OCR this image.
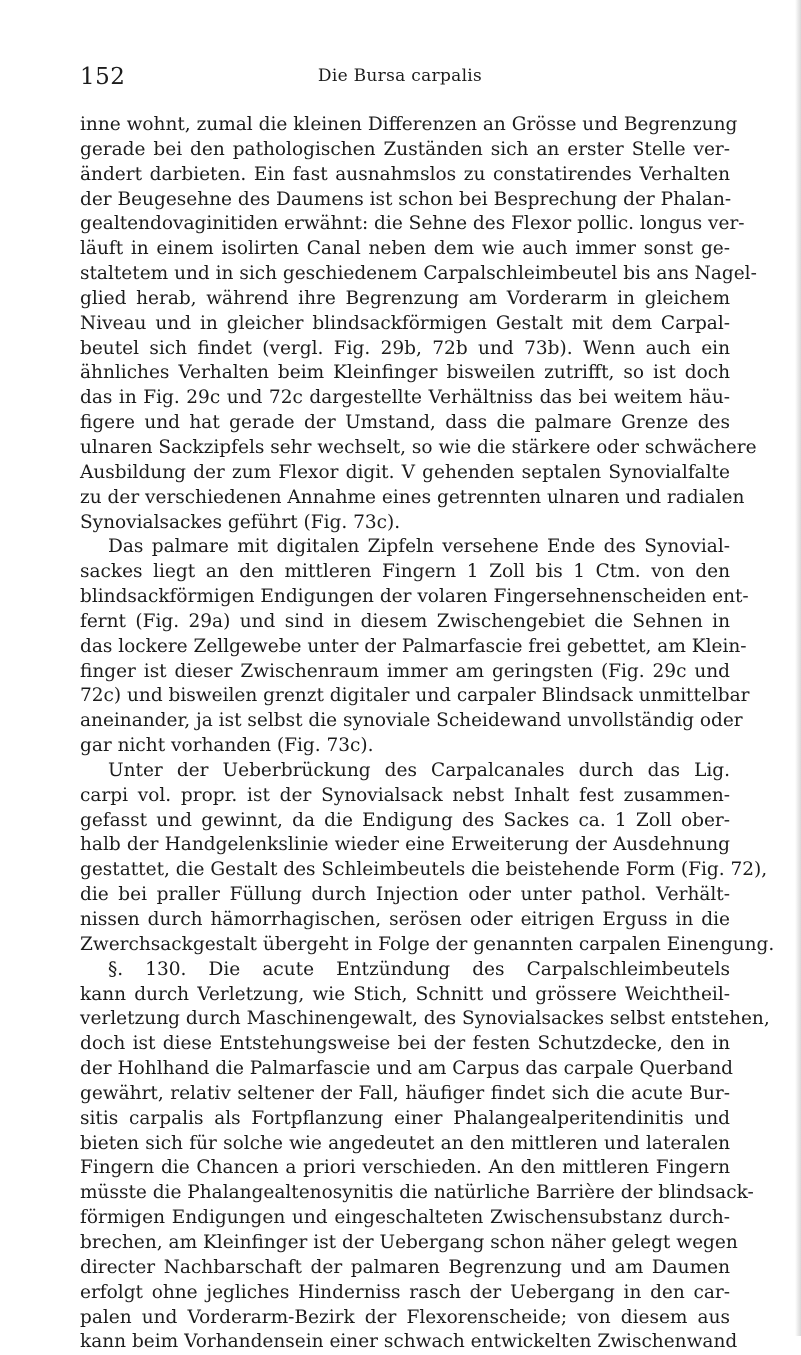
152	Die Bursa carpalis
inne wohnt, zumal die kleinen Differenzen an Grösse und Begrenzung
gerade bei den pathologischen Zuständen sich an erster Stelle ver-
ändert darbieten. Ein fast ausnahmslos zu constatirendes Verhalten
der Beugesehne des Daumens ist schon bei Besprechung der Phalan-
gealtendovaginitiden erwähnt: die Sehne des Flexor pollic. longus ver-
läuft in einem isolirten Canal neben dem wie auch immer sonst ge-
staltetem und in sich geschiedenem Carpalschleimbeutel bis ans Nagel-
glied herab, während ihre Begrenzung am Vorderarm in gleichem
Niveau und in gleicher blindsackförmigen Gestalt mit dem Carpal-
beutel sich findet (vergl. Fig. 29b, 72b und 73b). Wenn auch ein
ähnliches Verhalten beim Kleinfinger bisweilen zutrifft, so ist doch
das in Fig. 29c und 72c dargestellte Verhältniss das bei weitem häu-
figere und hat gerade der Umstand, dass die palmare Grenze des
ulnaren Sackzipfels sehr wechselt, so wie die stärkere oder schwächere
Ausbildung der zum Flexor digit. V gehenden septalen Synovialfalte
zu der verschiedenen Annahme eines getrennten ulnaren und radialen
Synovialsackes geführt (Fig. 73c).
Das palmare mit digitalen Zipfeln versehene Ende des Synovial-
sackes liegt an den mittleren Fingern 1 Zoll bis 1 Ctm. von den
blindsackförmigen Endigungen der volaren Fingersehnenscheiden ent-
fernt (Fig. 29a) und sind in diesem Zwischengebiet die Sehnen in
das lockere Zellgewebe unter der Palmarfascie frei gebettet, am Klein-
finger ist dieser Zwischenraum immer am geringsten (Fig. 29c und
72c) und bisweilen grenzt digitaler und carpaler Blindsack unmittelbar
aneinander, ja ist selbst die synoviale Scheidewand unvollständig oder
gar nicht vorhanden (Fig. 73c).
Unter der Ueberbrückung des Carpalcanales durch das Lig.
carpi vol. propr. ist der Synovialsack nebst Inhalt fest zusammen-
gefasst und gewinnt, da die Endigung des Sackes ca. 1 Zoll ober-
halb der Handgelenkslinie wieder eine Erweiterung der Ausdehnung
gestattet, die Gestalt des Schleimbeutels die beistehende Form (Fig. 72),
die bei praller Füllung durch Injection oder unter pathol. Verhält-
nissen durch hämorrhagischen, serösen oder eitrigen Erguss in die
Zwerchsackgestalt übergeht in Folge der genannten carpalen Einengung.
§. 130. Die acute Entzündung des Carpalschleimbeutels
kann durch Verletzung, wie Stich, Schnitt und grössere Weichtheil-
verletzung durch Maschinengewalt, des Synovialsackes selbst entstehen,
doch ist diese Entstehungsweise bei der festen Schutzdecke, den in
der Hohlhand die Palmarfascie und am Carpus das carpale Querband
gewährt, relativ seltener der Fall, häufiger findet sich die acute Bur-
sitis carpalis als Fortpflanzung einer Phalangealperitendinitis und
bieten sich für solche wie angedeutet an den mittleren und lateralen
Fingern die Chancen a priori verschieden. An den mittleren Fingern
müsste die Phalangealtenosynitis die natürliche Barrière der blindsack-
förmigen Endigungen und eingeschalteten Zwischensubstanz durch-
brechen, am Kleinfinger ist der Uebergang schon näher gelegt wegen
directer Nachbarschaft der palmaren Begrenzung und am Daumen
erfolgt ohne jegliches Hinderniss rasch der Uebergang in den car-
palen und Vorderarm-Bezirk der Flexorenscheide; von diesem aus
kann beim Vorhandensein einer schwach entwickelten Zwischenwand
